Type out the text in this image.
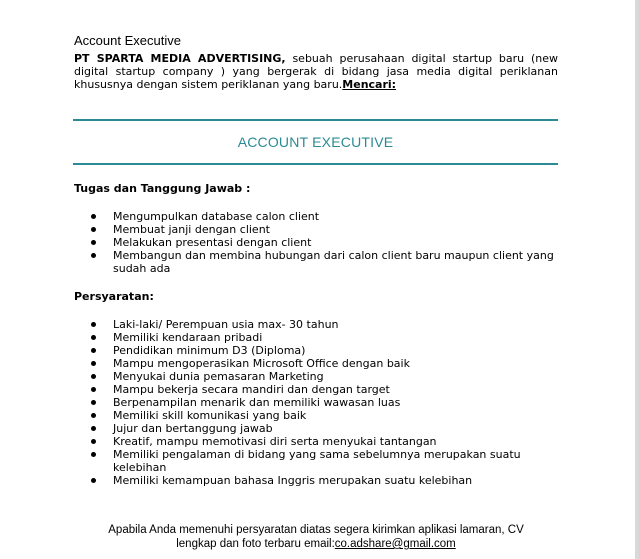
Account Executive
PT SPARTA MEDIA ADVERTISING, sebuah perusahaan digital startup baru (new digital startup company ) yang bergerak di bidang jasa media digital periklanan khususnya dengan sistem periklanan yang baru.Mencari:
ACCOUNT EXECUTIVE
Tugas dan Tanggung Jawab :
Mengumpulkan database calon client
Membuat janji dengan client
Melakukan presentasi dengan client
Membangun dan membina hubungan dari calon client baru maupun client yang sudah ada
Persyaratan:
Laki-laki/ Perempuan usia max- 30 tahun
Memiliki kendaraan pribadi
Pendidikan minimum D3 (Diploma)
Mampu mengoperasikan Microsoft Office dengan baik
Menyukai dunia pemasaran Marketing
Mampu bekerja secara mandiri dan dengan target
Berpenampilan menarik dan memiliki wawasan luas
Memiliki skill komunikasi yang baik
Jujur dan bertanggung jawab
Kreatif, mampu memotivasi diri serta menyukai tantangan
Memiliki pengalaman di bidang yang sama sebelumnya merupakan suatu kelebihan
Memiliki kemampuan bahasa Inggris merupakan suatu kelebihan
Apabila Anda memenuhi persyaratan diatas segera kirimkan aplikasi lamaran, CV
lengkap dan foto terbaru email:co.adshare@gmail.com
